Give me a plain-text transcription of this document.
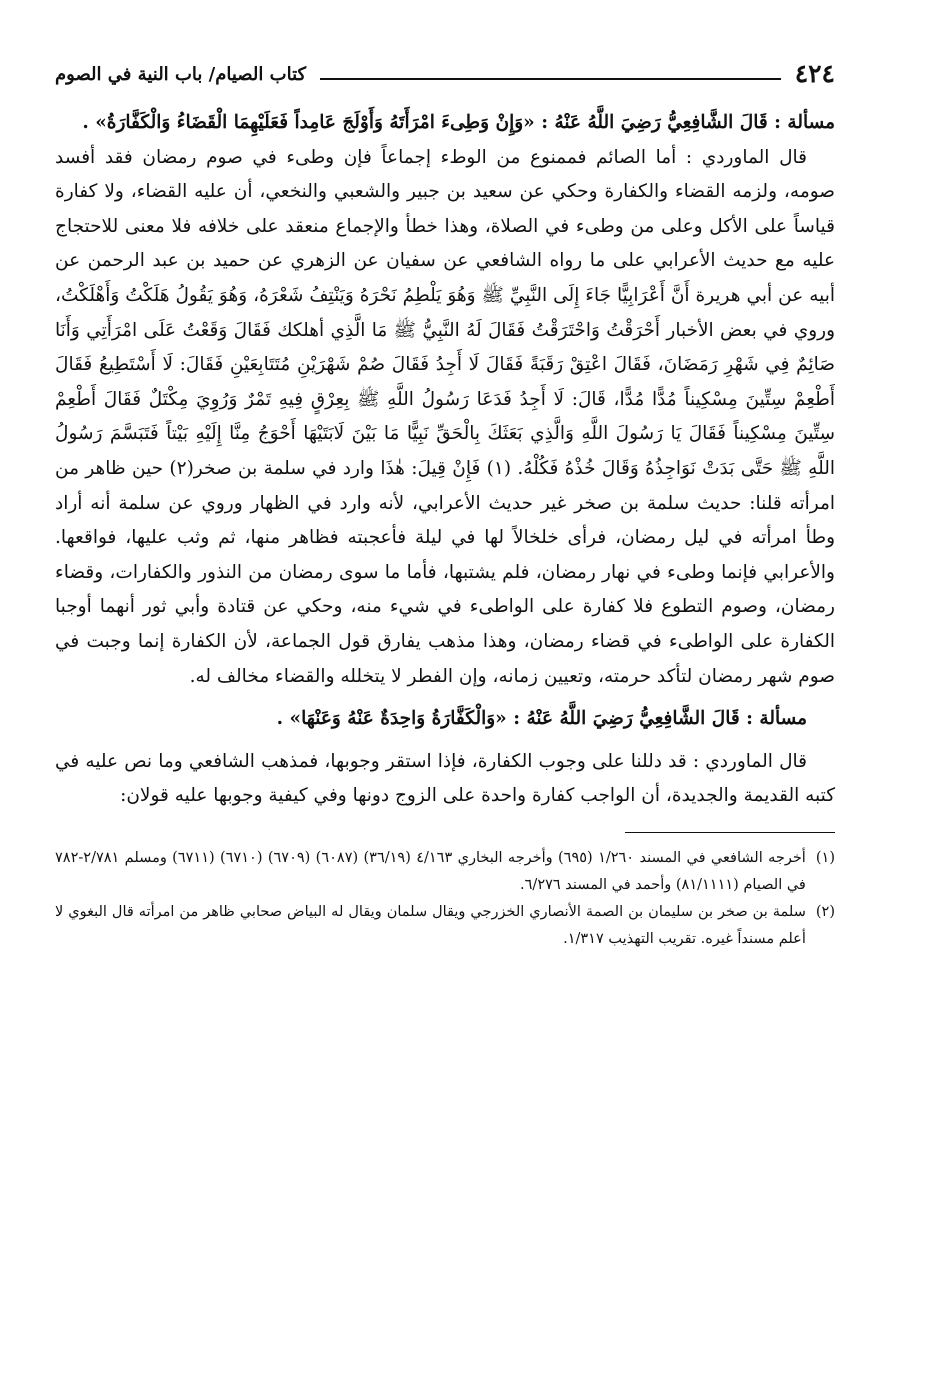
٤٢٤
كتاب الصيام/ باب النية في الصوم

مسألة : قَالَ الشَّافِعِيُّ رَضِيَ اللَّهُ عَنْهُ : «وَإِنْ وَطِىءَ امْرَأَتَهُ وَأَوْلَجَ عَامِداً فَعَلَيْهِمَا الْقَضَاءُ وَالْكَفَّارَةُ» .

قال الماوردي : أما الصائم فممنوع من الوطء إجماعاً فإن وطىء في صوم رمضان فقد أفسد صومه، ولزمه القضاء والكفارة وحكي عن سعيد بن جبير والشعبي والنخعي، أن عليه القضاء، ولا كفارة قياساً على الأكل وعلى من وطىء في الصلاة، وهذا خطأ والإجماع منعقد على خلافه فلا معنى للاحتجاج عليه مع حديث الأعرابي على ما رواه الشافعي عن سفيان عن الزهري عن حميد بن عبد الرحمن عن أبيه عن أبي هريرة أَنَّ أَعْرَابِيًّا جَاءَ إِلَى النَّبِيِّ ﷺ وَهُوَ يَلْطِمُ نَحْرَهُ وَيَنْتِفُ شَعْرَهُ، وَهُوَ يَقُولُ هَلَكْتُ وَأَهْلَكْتُ، وروي في بعض الأخبار أَحْرَقْتُ وَاحْتَرَقْتُ فَقَالَ لَهُ النَّبِيُّ ﷺ مَا الَّذِي أهلكك فَقَالَ وَقَعْتُ عَلَى امْرَأَتِي وَأَنَا صَائِمٌ فِي شَهْرِ رَمَضَانَ، فَقَالَ اعْتِقْ رَقَبَةً فَقَالَ لَا أَجِدُ فَقَالَ صُمْ شَهْرَيْنِ مُتَتَابِعَيْنِ فَقَالَ: لَا أَسْتَطِيعُ فَقَالَ أَطْعِمْ سِتِّينَ مِسْكِيناً مُدًّا مُدًّا، قَالَ: لَا أَجِدُ فَدَعَا رَسُولُ اللَّهِ ﷺ بِعِرْقٍ فِيهِ تَمْرٌ وَرُوِيَ مِكْتَلٌ فَقَالَ أَطْعِمْ سِتِّينَ مِسْكِيناً فَقَالَ يَا رَسُولَ اللَّهِ وَالَّذِي بَعَثَكَ بِالْحَقِّ نَبِيًّا مَا بَيْنَ لَابَتَيْهَا أَحْوَجُ مِنَّا إِلَيْهِ بَيْتاً فَتَبَسَّمَ رَسُولُ اللَّهِ ﷺ حَتَّى بَدَتْ نَوَاجِذُهُ وَقَالَ خُذْهُ فَكُلْهُ. (١) فَإِنْ قِيلَ: هٰذَا وارد في سلمة بن صخر(٢) حين ظاهر من امرأته قلنا: حديث سلمة بن صخر غير حديث الأعرابي، لأنه وارد في الظهار وروي عن سلمة أنه أراد وطأ امرأته في ليل رمضان، فرأى خلخالاً لها في ليلة فأعجبته فظاهر منها، ثم وثب عليها، فواقعها. والأعرابي فإنما وطىء في نهار رمضان، فلم يشتبها، فأما ما سوى رمضان من النذور والكفارات، وقضاء رمضان، وصوم التطوع فلا كفارة على الواطىء في شيء منه، وحكي عن قتادة وأبي ثور أنهما أوجبا الكفارة على الواطىء في قضاء رمضان، وهذا مذهب يفارق قول الجماعة، لأن الكفارة إنما وجبت في صوم شهر رمضان لتأكد حرمته، وتعيين زمانه، وإن الفطر لا يتخلله والقضاء مخالف له.

مسألة : قَالَ الشَّافِعِيُّ رَضِيَ اللَّهُ عَنْهُ : «وَالْكَفَّارَةُ وَاحِدَةٌ عَنْهُ وَعَنْهَا» .

قال الماوردي : قد دللنا على وجوب الكفارة، فإذا استقر وجوبها، فمذهب الشافعي وما نص عليه في كتبه القديمة والجديدة، أن الواجب كفارة واحدة على الزوج دونها وفي كيفية وجوبها عليه قولان:

(١)
أخرجه الشافعي في المسند ١/٢٦٠ (٦٩٥) وأخرجه البخاري ٤/١٦٣ (٣٦/١٩) (٦٠٨٧) (٦٧٠٩) (٦٧١٠) (٦٧١١) ومسلم ٢/٧٨١-٧٨٢ في الصيام (٨١/١١١١) وأحمد في المسند ٦/٢٧٦.
(٢)
سلمة بن صخر بن سليمان بن الصمة الأنصاري الخزرجي ويقال سلمان ويقال له البياض صحابي ظاهر من امرأته قال البغوي لا أعلم مسنداً غيره. تقريب التهذيب ١/٣١٧.
